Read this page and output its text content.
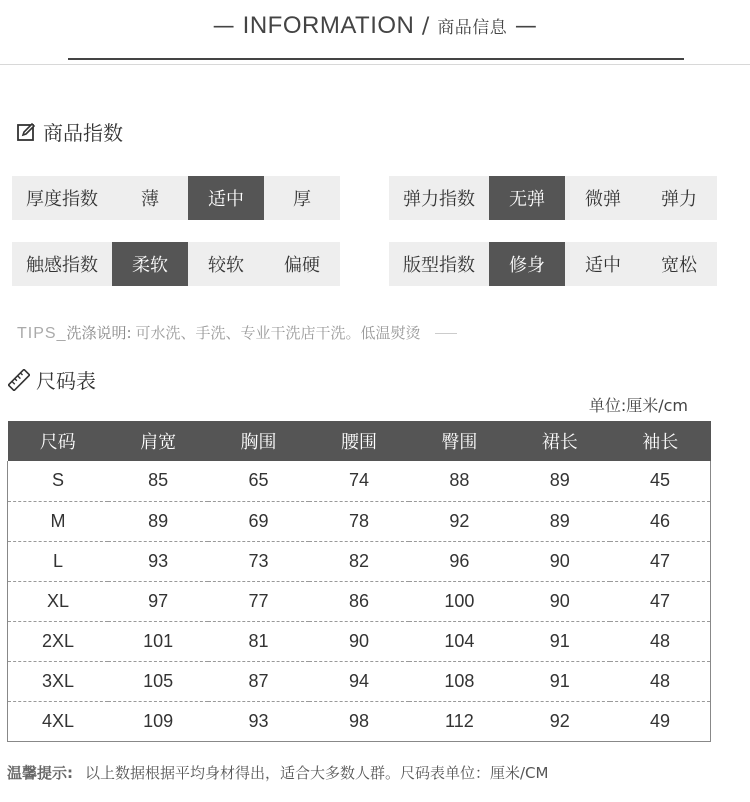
— INFORMATION / 商品信息 —
商品指数
厚度指数	薄	适中	厚	弹力指数	无弹	微弹	弹力
触感指数	柔软	较软	偏硬	版型指数	修身	适中	宽松
TIPS_ 洗涤说明: 可水洗、手洗、专业干洗店干洗。低温熨烫
尺码表
单位:厘米/cm
尺码	肩宽	胸围	腰围	臀围	裙长	袖长
S	85	65	74	88	89	45
M	89	69	78	92	89	46
L	93	73	82	96	90	47
XL	97	77	86	100	90	47
2XL	101	81	90	104	91	48
3XL	105	87	94	108	91	48
4XL	109	93	98	112	92	49
温馨提示: 以上数据根据平均身材得出，适合大多数人群。尺码表单位：厘米/CM
